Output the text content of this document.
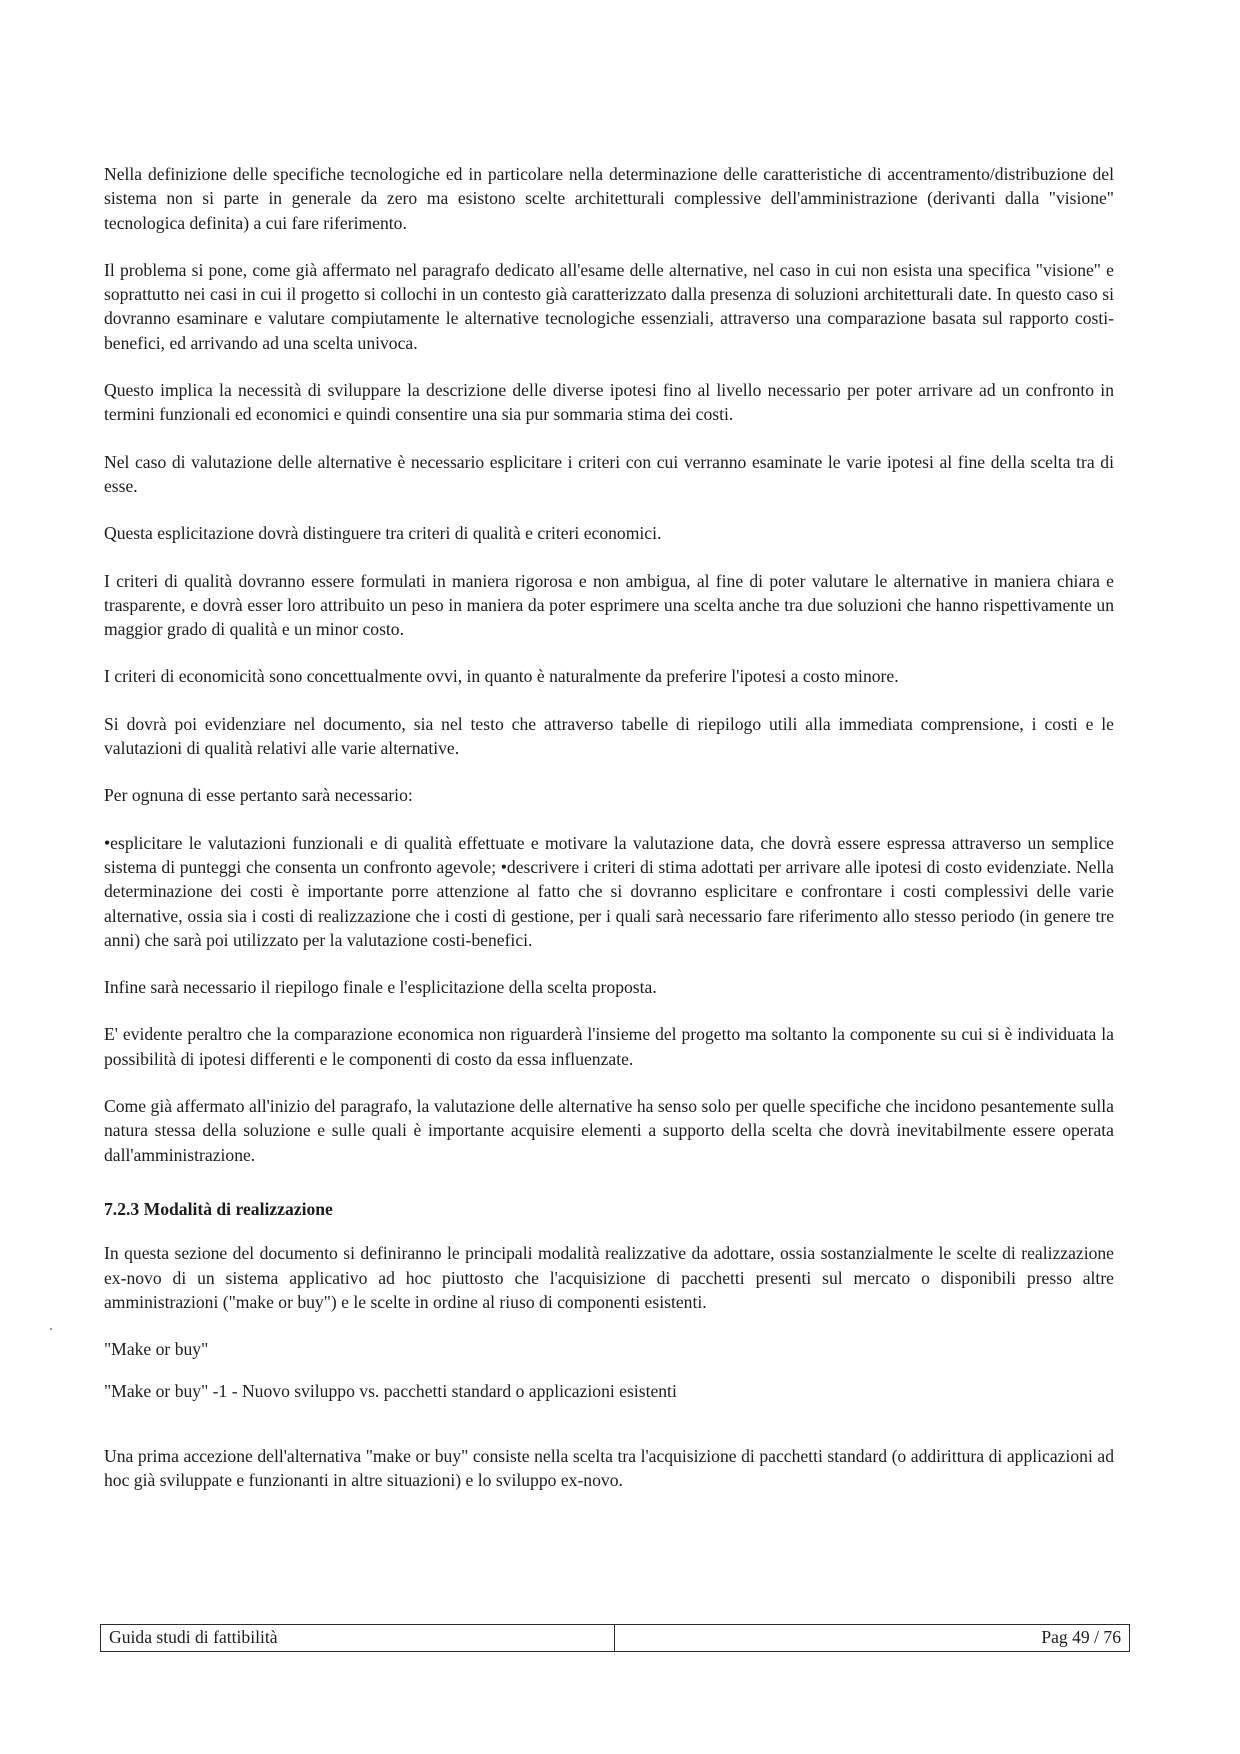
Nella definizione delle specifiche tecnologiche ed in particolare nella determinazione delle caratteristiche di accentramento/distribuzione del sistema non si parte in generale da zero ma esistono scelte architetturali complessive dell'amministrazione (derivanti dalla "visione" tecnologica definita) a cui fare riferimento.

Il problema si pone, come già affermato nel paragrafo dedicato all'esame delle alternative, nel caso in cui non esista una specifica "visione" e soprattutto nei casi in cui il progetto si collochi in un contesto già caratterizzato dalla presenza di soluzioni architetturali date. In questo caso si dovranno esaminare e valutare compiutamente le alternative tecnologiche essenziali, attraverso una comparazione basata sul rapporto costi-benefici, ed arrivando ad una scelta univoca.

Questo implica la necessità di sviluppare la descrizione delle diverse ipotesi fino al livello necessario per poter arrivare ad un confronto in termini funzionali ed economici e quindi consentire una sia pur sommaria stima dei costi.

Nel caso di valutazione delle alternative è necessario esplicitare i criteri con cui verranno esaminate le varie ipotesi al fine della scelta tra di esse.

Questa esplicitazione dovrà distinguere tra criteri di qualità e criteri economici.

I criteri di qualità dovranno essere formulati in maniera rigorosa e non ambigua, al fine di poter valutare le alternative in maniera chiara e trasparente, e dovrà esser loro attribuito un peso in maniera da poter esprimere una scelta anche tra due soluzioni che hanno rispettivamente un maggior grado di qualità e un minor costo.

I criteri di economicità sono concettualmente ovvi, in quanto è naturalmente da preferire l'ipotesi a costo minore.

Si dovrà poi evidenziare nel documento, sia nel testo che attraverso tabelle di riepilogo utili alla immediata comprensione, i costi e le valutazioni di qualità relativi alle varie alternative.

Per ognuna di esse pertanto sarà necessario:

•esplicitare le valutazioni funzionali e di qualità effettuate e motivare la valutazione data, che dovrà essere espressa attraverso un semplice sistema di punteggi che consenta un confronto agevole; •descrivere i criteri di stima adottati per arrivare alle ipotesi di costo evidenziate. Nella determinazione dei costi è importante porre attenzione al fatto che si dovranno esplicitare e confrontare i costi complessivi delle varie alternative, ossia sia i costi di realizzazione che i costi di gestione, per i quali sarà necessario fare riferimento allo stesso periodo (in genere tre anni) che sarà poi utilizzato per la valutazione costi-benefici.

Infine sarà necessario il riepilogo finale e l'esplicitazione della scelta proposta.

E' evidente peraltro che la comparazione economica non riguarderà l'insieme del progetto ma soltanto la componente su cui si è individuata la possibilità di ipotesi differenti e le componenti di costo da essa influenzate.

Come già affermato all'inizio del paragrafo, la valutazione delle alternative ha senso solo per quelle specifiche che incidono pesantemente sulla natura stessa della soluzione e sulle quali è importante acquisire elementi a supporto della scelta che dovrà inevitabilmente essere operata dall'amministrazione.

7.2.3 Modalità di realizzazione

In questa sezione del documento si definiranno le principali modalità realizzative da adottare, ossia sostanzialmente le scelte di realizzazione ex-novo di un sistema applicativo ad hoc piuttosto che l'acquisizione di pacchetti presenti sul mercato o disponibili presso altre amministrazioni ("make or buy") e le scelte in ordine al riuso di componenti esistenti.

"Make or buy"

"Make or buy" -1 - Nuovo sviluppo vs. pacchetti standard o applicazioni esistenti

Una prima accezione dell'alternativa "make or buy" consiste nella scelta tra l'acquisizione di pacchetti standard (o addirittura di applicazioni ad hoc già sviluppate e funzionanti in altre situazioni) e lo sviluppo ex-novo.

Guida studi di fattibilità	Pag 49 / 76
